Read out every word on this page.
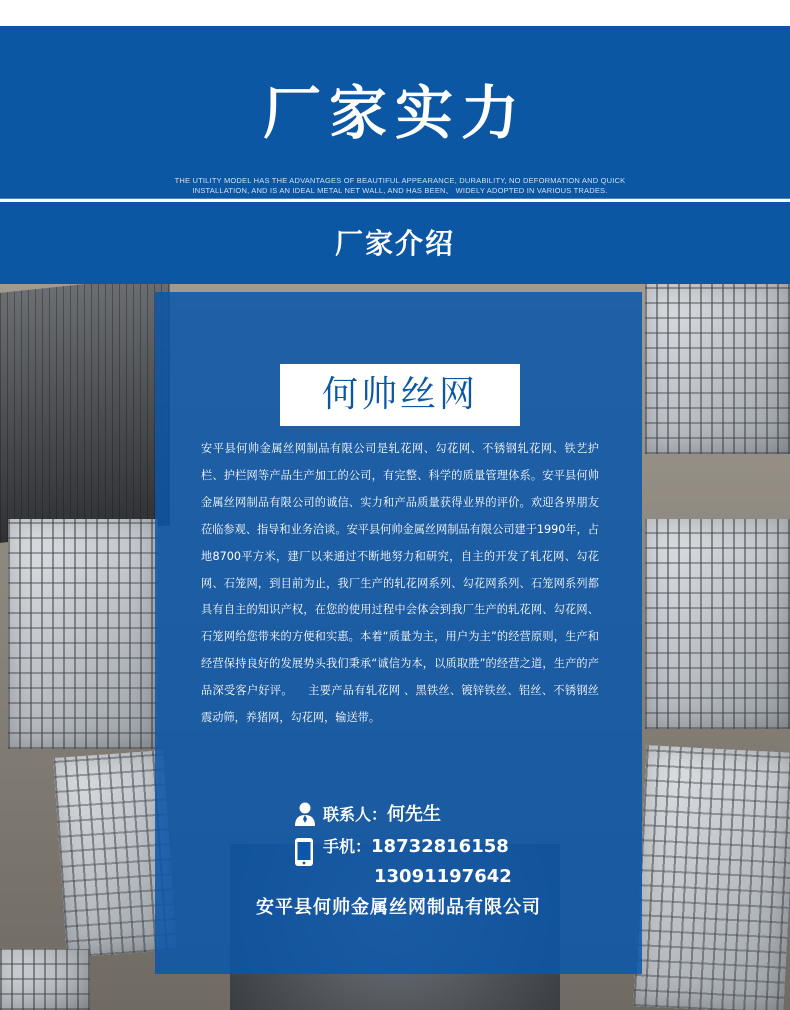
厂家实力
THE UTILITY MODEL HAS THE ADVANTAGES OF BEAUTIFUL APPEARANCE, DURABILITY, NO DEFORMATION AND QUICK INSTALLATION, AND IS AN IDEAL METAL NET WALL, AND HAS BEEN、 WIDELY ADOPTED IN VARIOUS TRADES.
厂家介绍
何帅丝网

安平县何帅金属丝网制品有限公司是轧花网、勾花网、不锈钢轧花网、铁艺护栏、护栏网等产品生产加工的公司，有完整、科学的质量管理体系。安平县何帅金属丝网制品有限公司的诚信、实力和产品质量获得业界的评价。欢迎各界朋友莅临参观、指导和业务洽谈。安平县何帅金属丝网制品有限公司建于1990年，占地8700平方米，建厂以来通过不断地努力和研究，自主的开发了轧花网、勾花网、石笼网，到目前为止，我厂生产的轧花网系列、勾花网系列、石笼网系列都具有自主的知识产权，在您的使用过程中会体会到我厂生产的轧花网、勾花网、石笼网给您带来的方便和实惠。本着“质量为主，用户为主”的经营原则，生产和经营保持良好的发展势头我们秉承“诚信为本，以质取胜”的经营之道，生产的产品深受客户好评。    主要产品有轧花网 、黑铁丝、镀锌铁丝、铝丝、不锈钢丝震动筛，养猪网，勾花网，输送带。

联系人：何先生
手机：18732816158
13091197642

安平县何帅金属丝网制品有限公司
